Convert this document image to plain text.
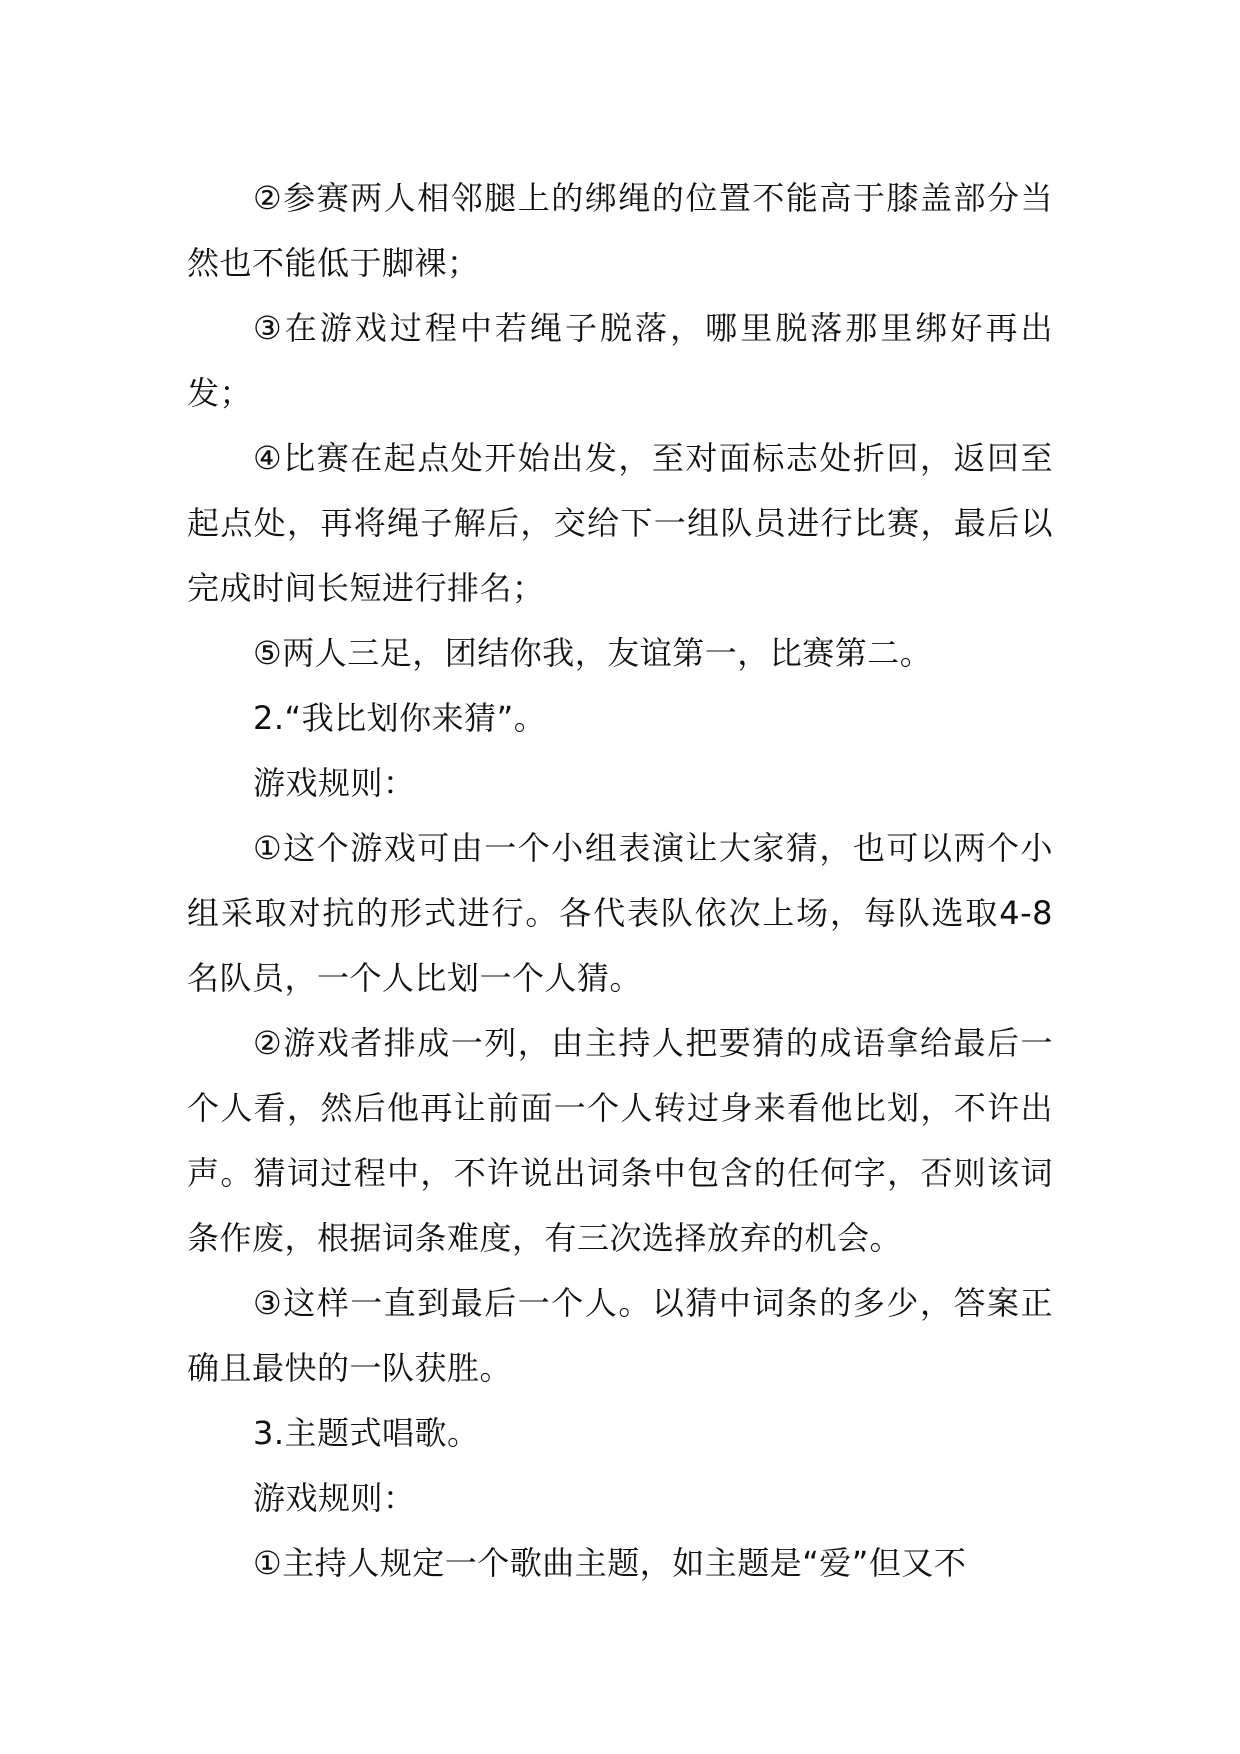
②参赛两人相邻腿上的绑绳的位置不能高于膝盖部分当然也不能低于脚裸；

③在游戏过程中若绳子脱落，哪里脱落那里绑好再出发；

④比赛在起点处开始出发，至对面标志处折回，返回至起点处，再将绳子解后，交给下一组队员进行比赛，最后以完成时间长短进行排名；

⑤两人三足，团结你我，友谊第一，比赛第二。

2.“我比划你来猜”。

游戏规则：

①这个游戏可由一个小组表演让大家猜，也可以两个小组采取对抗的形式进行。各代表队依次上场，每队选取4-8名队员，一个人比划一个人猜。

②游戏者排成一列，由主持人把要猜的成语拿给最后一个人看，然后他再让前面一个人转过身来看他比划，不许出声。猜词过程中，不许说出词条中包含的任何字，否则该词条作废，根据词条难度，有三次选择放弃的机会。

③这样一直到最后一个人。以猜中词条的多少，答案正确且最快的一队获胜。

3.主题式唱歌。

游戏规则：

①主持人规定一个歌曲主题，如主题是“爱”但又不
